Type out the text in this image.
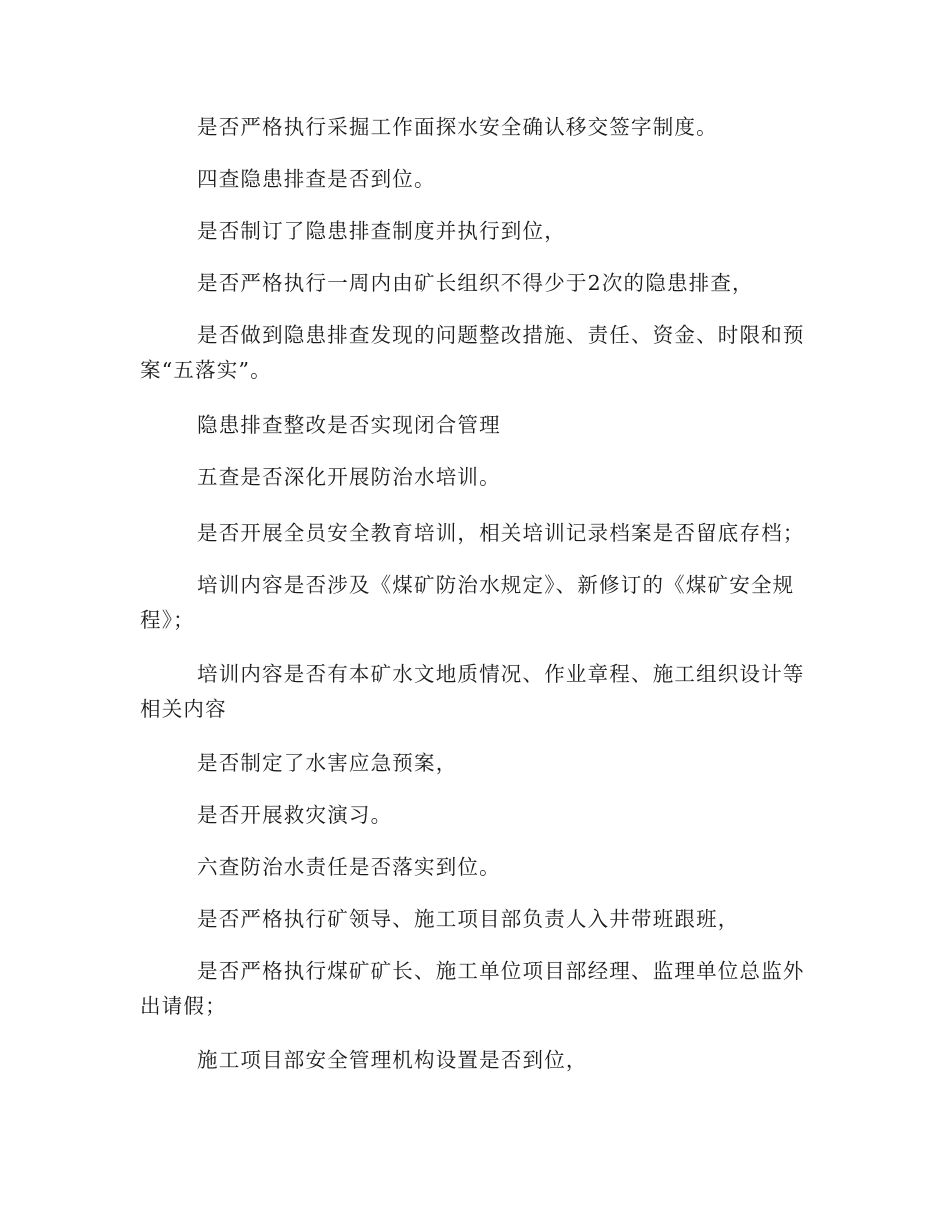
是否严格执行采掘工作面探水安全确认移交签字制度。

四查隐患排查是否到位。

是否制订了隐患排查制度并执行到位，

是否严格执行一周内由矿长组织不得少于2次的隐患排查，

是否做到隐患排查发现的问题整改措施、责任、资金、时限和预案“五落实”。

隐患排查整改是否实现闭合管理

五查是否深化开展防治水培训。

是否开展全员安全教育培训，相关培训记录档案是否留底存档；

培训内容是否涉及《煤矿防治水规定》、新修订的《煤矿安全规程》；

培训内容是否有本矿水文地质情况、作业章程、施工组织设计等相关内容

是否制定了水害应急预案，

是否开展救灾演习。

六查防治水责任是否落实到位。

是否严格执行矿领导、施工项目部负责人入井带班跟班，

是否严格执行煤矿矿长、施工单位项目部经理、监理单位总监外出请假；

施工项目部安全管理机构设置是否到位，
